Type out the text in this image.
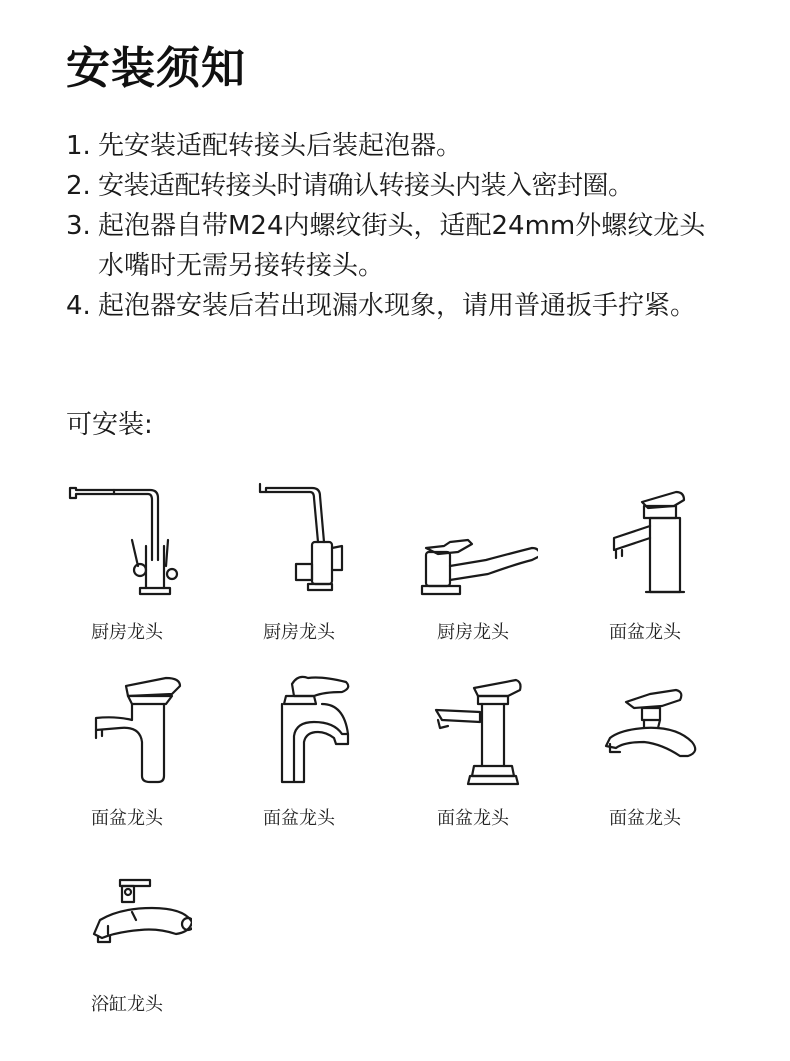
安装须知
1. 先安装适配转接头后装起泡器。
2. 安装适配转接头时请确认转接头内装入密封圈。
3. 起泡器自带M24内螺纹街头，适配24mm外螺纹龙头水嘴时无需另接转接头。
4. 起泡器安装后若出现漏水现象，请用普通扳手拧紧。
可安装:
厨房龙头	厨房龙头	厨房龙头	面盆龙头
面盆龙头	面盆龙头	面盆龙头	面盆龙头
浴缸龙头
